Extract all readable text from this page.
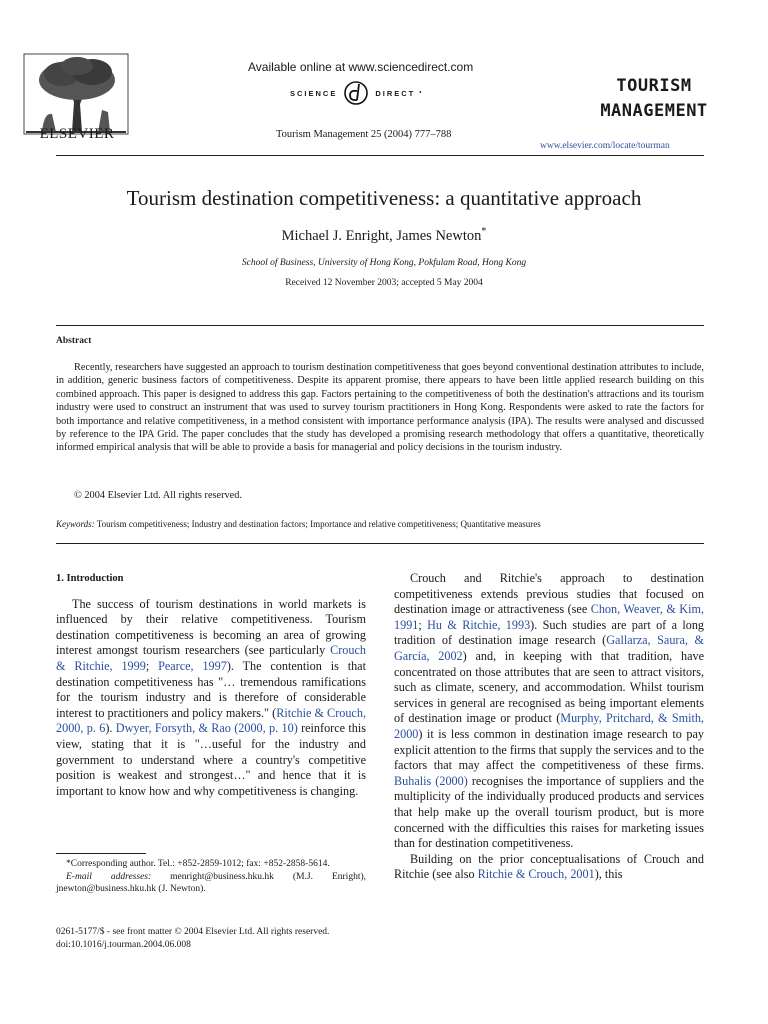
ELSEVIER
Available online at www.sciencedirect.com
SCIENCE	DIRECT •
Tourism Management 25 (2004) 777–788
TOURISM
MANAGEMENT
www.elsevier.com/locate/tourman
Tourism destination competitiveness: a quantitative approach
Michael J. Enright, James Newton*
School of Business, University of Hong Kong, Pokfulam Road, Hong Kong
Received 12 November 2003; accepted 5 May 2004
Abstract
Recently, researchers have suggested an approach to tourism destination competitiveness that goes beyond conventional destination attributes to include, in addition, generic business factors of competitiveness. Despite its apparent promise, there appears to have been little applied research building on this combined approach. This paper is designed to address this gap. Factors pertaining to the competitiveness of both the destination's attractions and its tourism industry were used to construct an instrument that was used to survey tourism practitioners in Hong Kong. Respondents were asked to rate the factors for both importance and relative competitiveness, in a method consistent with importance performance analysis (IPA). The results were analysed and discussed by reference to the IPA Grid. The paper concludes that the study has developed a promising research methodology that offers a quantitative, theoretically informed empirical analysis that will be able to provide a basis for managerial and policy decisions in the tourism industry.
© 2004 Elsevier Ltd. All rights reserved.
Keywords: Tourism competitiveness; Industry and destination factors; Importance and relative competitiveness; Quantitative measures
1. Introduction

The success of tourism destinations in world markets is influenced by their relative competitiveness. Tourism destination competitiveness is becoming an area of growing interest amongst tourism researchers (see particularly Crouch & Ritchie, 1999; Pearce, 1997). The contention is that destination competitiveness has "… tremendous ramifications for the tourism industry and is therefore of considerable interest to practitioners and policy makers." (Ritchie & Crouch, 2000, p. 6). Dwyer, Forsyth, & Rao (2000, p. 10) reinforce this view, stating that it is "…useful for the industry and government to understand where a country's competitive position is weakest and strongest…" and hence that it is important to know how and why competitiveness is changing.

*Corresponding author. Tel.: +852-2859-1012; fax: +852-2858-5614.

E-mail addresses: menright@business.hku.hk (M.J. Enright), jnewton@business.hku.hk (J. Newton).

0261-5177/$ - see front matter © 2004 Elsevier Ltd. All rights reserved.
doi:10.1016/j.tourman.2004.06.008

Crouch and Ritchie's approach to destination competitiveness extends previous studies that focused on destination image or attractiveness (see Chon, Weaver, & Kim, 1991; Hu & Ritchie, 1993). Such studies are part of a long tradition of destination image research (Gallarza, Saura, & García, 2002) and, in keeping with that tradition, have concentrated on those attributes that are seen to attract visitors, such as climate, scenery, and accommodation. Whilst tourism services in general are recognised as being important elements of destination image or product (Murphy, Pritchard, & Smith, 2000) it is less common in destination image research to pay explicit attention to the firms that supply the services and to the factors that may affect the competitiveness of these firms. Buhalis (2000) recognises the importance of suppliers and the multiplicity of the individually produced products and services that help make up the overall tourism product, but is more concerned with the difficulties this raises for marketing issues than for destination competitiveness.

Building on the prior conceptualisations of Crouch and Ritchie (see also Ritchie & Crouch, 2001), this
